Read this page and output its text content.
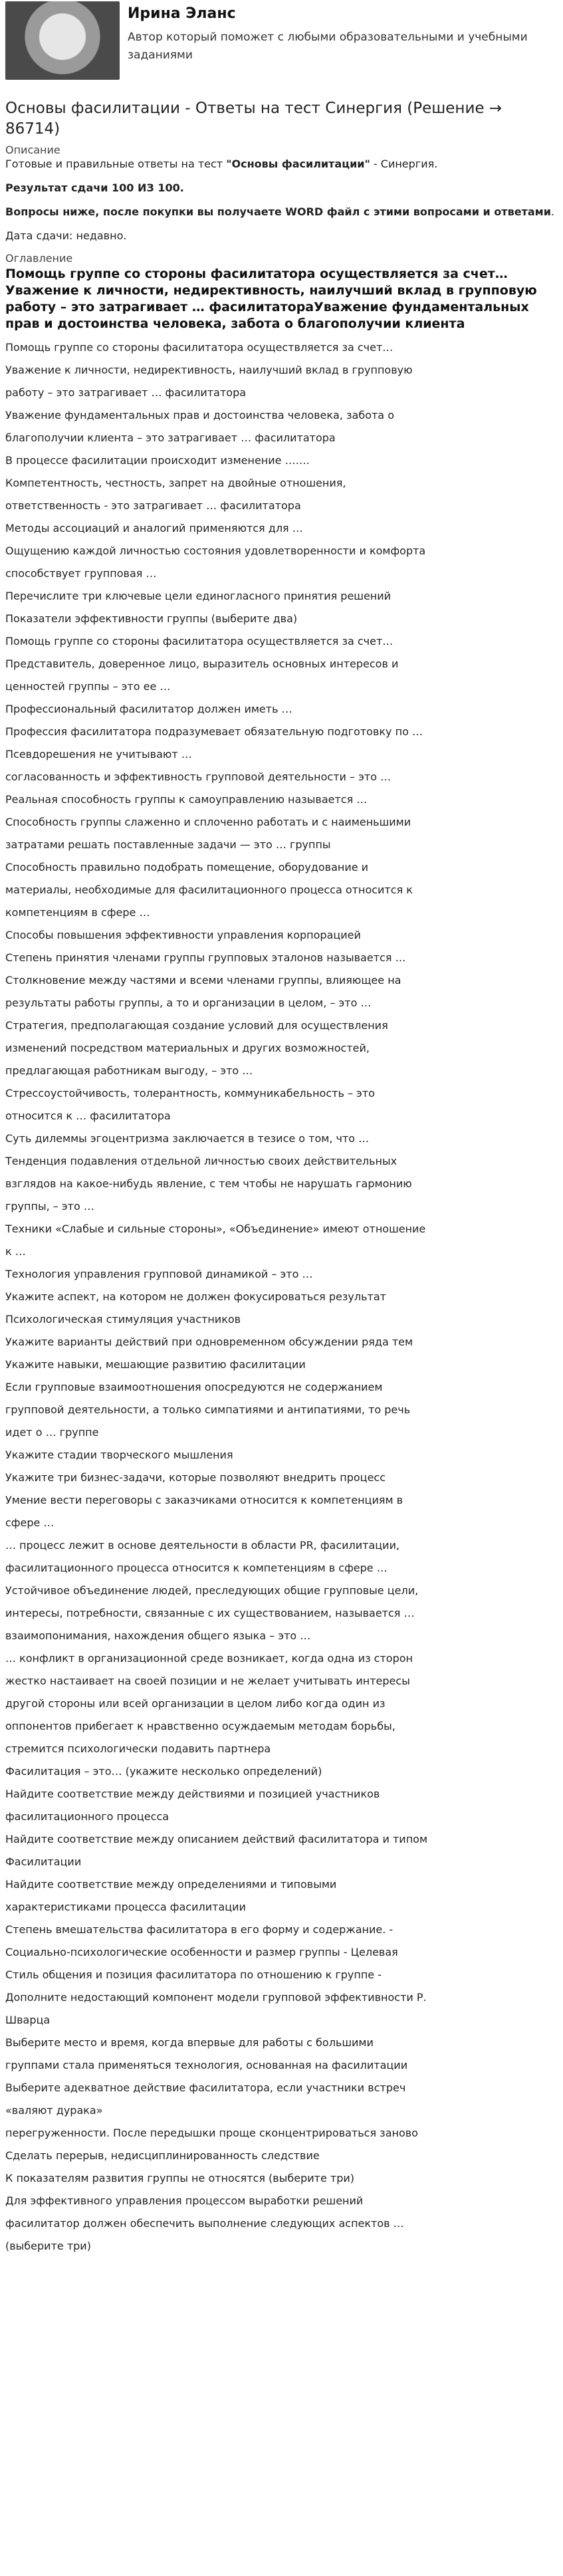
Ирина Эланс
Автор который поможет с любыми образовательными и учебными заданиями
Основы фасилитации - Ответы на тест Синергия (Решение → 86714)
Описание

Готовые и правильные ответы на тест "Основы фасилитации" - Синергия.

Результат сдачи 100 ИЗ 100.

Вопросы ниже, после покупки вы получаете WORD файл с этими вопросами и ответами.

Дата сдачи: недавно.

Оглавление
Помощь группе со стороны фасилитатора осуществляется за счет…Уважение к личности, недирективность, наилучший вклад в групповую работу – это затрагивает … фасилитатораУважение фундаментальных прав и достоинства человека, забота о благополучии клиента
Помощь группе со стороны фасилитатора осуществляется за счет…
Уважение к личности, недирективность, наилучший вклад в групповую
работу – это затрагивает … фасилитатора
Уважение фундаментальных прав и достоинства человека, забота о
благополучии клиента – это затрагивает … фасилитатора
В процессе фасилитации происходит изменение …….
Компетентность, честность, запрет на двойные отношения,
ответственность - это затрагивает … фасилитатора
Методы ассоциаций и аналогий применяются для …
Ощущению каждой личностью состояния удовлетворенности и комфорта
способствует групповая …
Перечислите три ключевые цели единогласного принятия решений
Показатели эффективности группы (выберите два)
Помощь группе со стороны фасилитатора осуществляется за счет…
Представитель, доверенное лицо, выразитель основных интересов и
ценностей группы – это ее …
Профессиональный фасилитатор должен иметь …
Профессия фасилитатора подразумевает обязательную подготовку по …
Псевдорешения не учитывают …
согласованность и эффективность групповой деятельности – это …
Реальная способность группы к самоуправлению называется …
Способность группы слаженно и сплоченно работать и с наименьшими
затратами решать поставленные задачи — это … группы
Способность правильно подобрать помещение, оборудование и
материалы, необходимые для фасилитационного процесса относится к
компетенциям в сфере …
Способы повышения эффективности управления корпорацией
Степень принятия членами группы групповых эталонов называется …
Столкновение между частями и всеми членами группы, влияющее на
результаты работы группы, а то и организации в целом, – это …
Стратегия, предполагающая создание условий для осуществления
изменений посредством материальных и других возможностей,
предлагающая работникам выгоду, – это …
Стрессоустойчивость, толерантность, коммуникабельность – это
относится к … фасилитатора
Суть дилеммы эгоцентризма заключается в тезисе о том, что …
Тенденция подавления отдельной личностью своих действительных
взглядов на какое-нибудь явление, с тем чтобы не нарушать гармонию
группы, – это …
Техники «Слабые и сильные стороны», «Объединение» имеют отношение
к …
Технология управления групповой динамикой – это …
Укажите аспект, на котором не должен фокусироваться результат
Психологическая стимуляция участников
Укажите варианты действий при одновременном обсуждении ряда тем
Укажите навыки, мешающие развитию фасилитации
Если групповые взаимоотношения опосредуются не содержанием
групповой деятельности, а только симпатиями и антипатиями, то речь
идет о … группе
Укажите стадии творческого мышления
Укажите три бизнес-задачи, которые позволяют внедрить процесс
Умение вести переговоры с заказчиками относится к компетенциям в
сфере …
… процесс лежит в основе деятельности в области PR, фасилитации,
фасилитационного процесса относится к компетенциям в сфере …
Устойчивое объединение людей, преследующих общие групповые цели,
интересы, потребности, связанные с их существованием, называется …
взаимопонимания, нахождения общего языка – это …
… конфликт в организационной среде возникает, когда одна из сторон
жестко настаивает на своей позиции и не желает учитывать интересы
другой стороны или всей организации в целом либо когда один из
оппонентов прибегает к нравственно осуждаемым методам борьбы,
стремится психологически подавить партнера
Фасилитация – это… (укажите несколько определений)
Найдите соответствие между действиями и позицией участников
фасилитационного процесса
Найдите соответствие между описанием действий фасилитатора и типом
Фасилитации
Найдите соответствие между определениями и типовыми
характеристиками процесса фасилитации
Степень вмешательства фасилитатора в его форму и содержание. -
Социально-психологические особенности и размер группы - Целевая
Стиль общения и позиция фасилитатора по отношению к группе -
Дополните недостающий компонент модели групповой эффективности Р.
Шварца
Выберите место и время, когда впервые для работы с большими
группами стала применяться технология, основанная на фасилитации
Выберите адекватное действие фасилитатора, если участники встреч
«валяют дурака»
перегруженности. После передышки проще сконцентрироваться заново
Сделать перерыв, недисциплинированность следствие
К показателям развития группы не относятся (выберите три)
Для эффективного управления процессом выработки решений
фасилитатор должен обеспечить выполнение следующих аспектов …
(выберите три)
